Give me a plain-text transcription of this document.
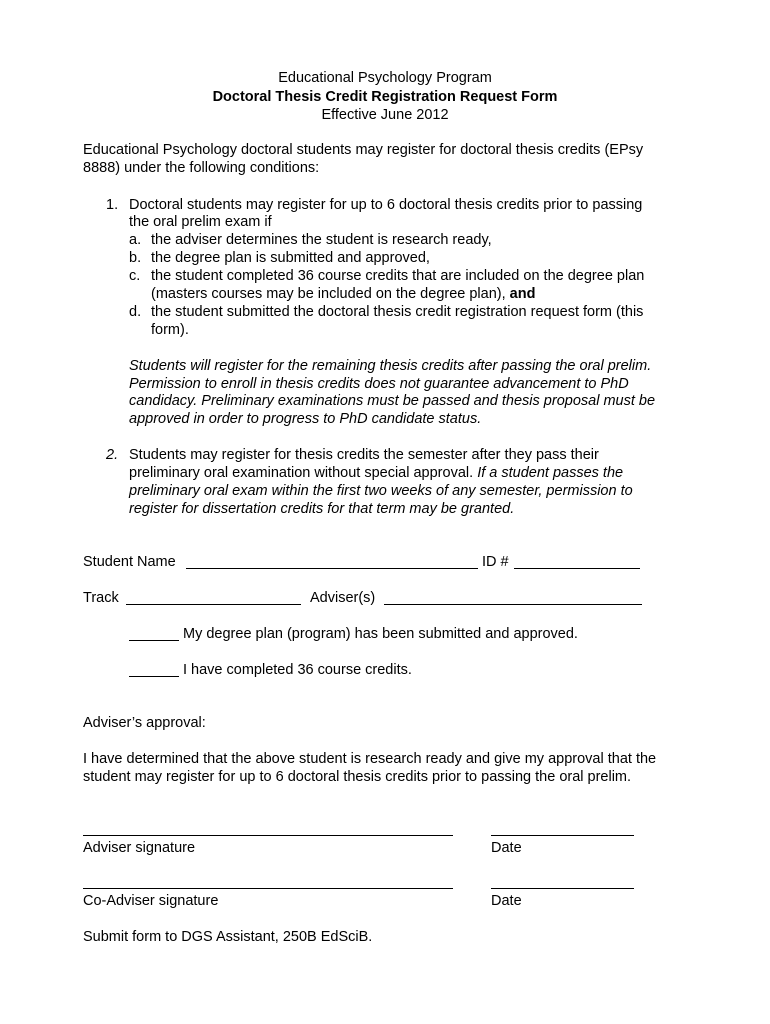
Educational Psychology Program
Doctoral Thesis Credit Registration Request Form
Effective June 2012
Educational Psychology doctoral students may register for doctoral thesis credits (EPsy
8888) under the following conditions:
1. Doctoral students may register for up to 6 doctoral thesis credits prior to passing
the oral prelim exam if
a. the adviser determines the student is research ready,
b. the degree plan is submitted and approved,
c. the student completed 36 course credits that are included on the degree plan
(masters courses may be included on the degree plan), and
d. the student submitted the doctoral thesis credit registration request form (this
form).
Students will register for the remaining thesis credits after passing the oral prelim.
Permission to enroll in thesis credits does not guarantee advancement to PhD
candidacy. Preliminary examinations must be passed and thesis proposal must be
approved in order to progress to PhD candidate status.
2. Students may register for thesis credits the semester after they pass their
preliminary oral examination without special approval. If a student passes the
preliminary oral exam within the first two weeks of any semester, permission to
register for dissertation credits for that term may be granted.
Student Name	ID #
Track	Adviser(s)
My degree plan (program) has been submitted and approved.
I have completed 36 course credits.
Adviser’s approval:
I have determined that the above student is research ready and give my approval that the
student may register for up to 6 doctoral thesis credits prior to passing the oral prelim.
Adviser signature	Date
Co-Adviser signature	Date
Submit form to DGS Assistant, 250B EdSciB.
